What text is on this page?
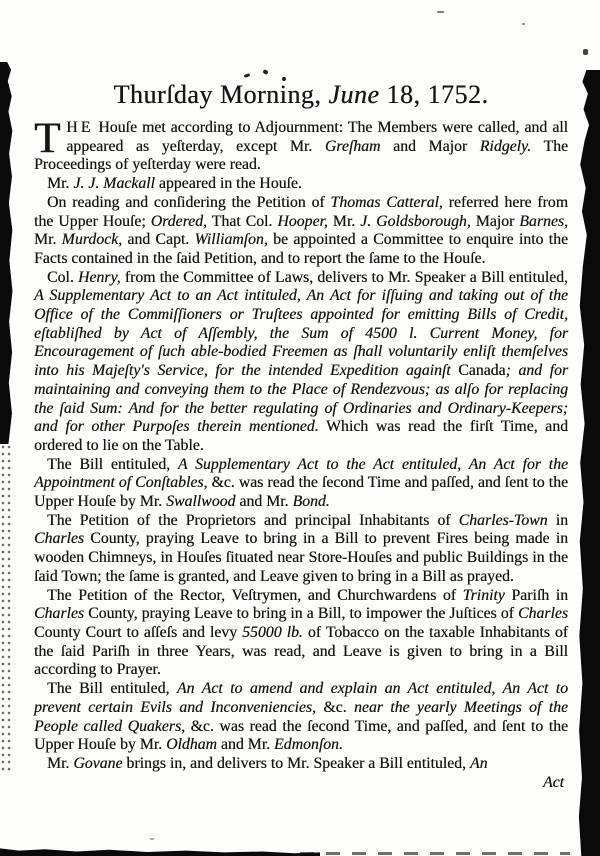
Thurſday Morning, June 18, 1752.

THE Houſe met according to Adjournment: The Members were called, and all appeared as yeſterday, except Mr. Greſham and Major Ridgely. The Proceedings of yeſterday were read.

Mr. J. J. Mackall appeared in the Houſe.

On reading and conſidering the Petition of Thomas Catteral, referred here from the Upper Houſe; Ordered, That Col. Hooper, Mr. J. Goldsborough, Major Barnes, Mr. Murdock, and Capt. Williamſon, be appointed a Committee to enquire into the Facts contained in the ſaid Petition, and to report the ſame to the Houſe.

Col. Henry, from the Committee of Laws, delivers to Mr. Speaker a Bill entituled, A Supplementary Act to an Act intituled, An Act for iſſuing and taking out of the Office of the Commiſſioners or Truſtees appointed for emitting Bills of Credit, eſtabliſhed by Act of Aſſembly, the Sum of 4500 l. Current Money, for Encouragement of ſuch able-bodied Freemen as ſhall voluntarily enliſt themſelves into his Majeſty's Service, for the intended Expedition againſt Canada; and for maintaining and conveying them to the Place of Rendezvous; as alſo for replacing the ſaid Sum: And for the better regulating of Ordinaries and Ordinary-Keepers; and for other Purpoſes therein mentioned. Which was read the firſt Time, and ordered to lie on the Table.

The Bill entituled, A Supplementary Act to the Act entituled, An Act for the Appointment of Conſtables, &c. was read the ſecond Time and paſſed, and ſent to the Upper Houſe by Mr. Swallwood and Mr. Bond.

The Petition of the Proprietors and principal Inhabitants of Charles-Town in Charles County, praying Leave to bring in a Bill to prevent Fires being made in wooden Chimneys, in Houſes ſituated near Store-Houſes and public Buildings in the ſaid Town; the ſame is granted, and Leave given to bring in a Bill as prayed.

The Petition of the Rector, Veſtrymen, and Churchwardens of Trinity Pariſh in Charles County, praying Leave to bring in a Bill, to impower the Juſtices of Charles County Court to aſſeſs and levy 55000 lb. of Tobacco on the taxable Inhabitants of the ſaid Pariſh in three Years, was read, and Leave is given to bring in a Bill according to Prayer.

The Bill entituled, An Act to amend and explain an Act entituled, An Act to prevent certain Evils and Inconveniencies, &c. near the yearly Meetings of the People called Quakers, &c. was read the ſecond Time, and paſſed, and ſent to the Upper Houſe by Mr. Oldham and Mr. Edmonſon.

Mr. Govane brings in, and delivers to Mr. Speaker a Bill entituled, An

Act
